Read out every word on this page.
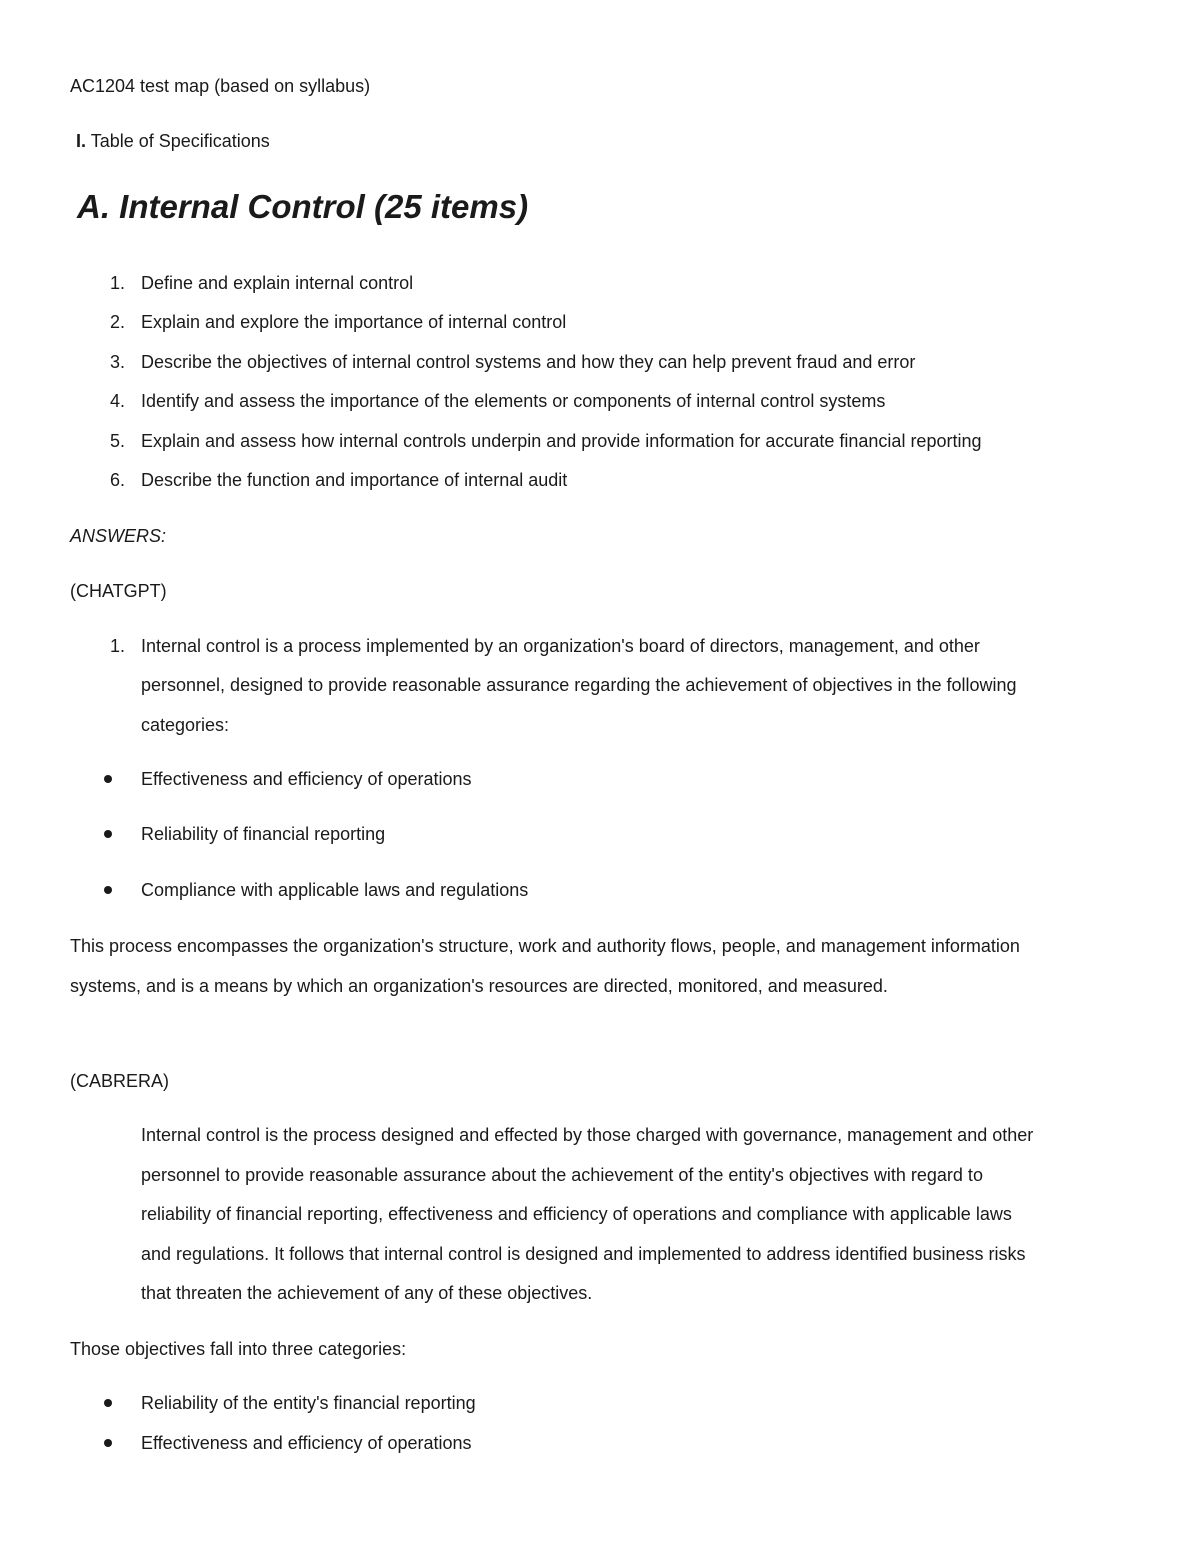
AC1204 test map (based on syllabus)
I. Table of Specifications
A. Internal Control (25 items)
1. Define and explain internal control
2. Explain and explore the importance of internal control
3. Describe the objectives of internal control systems and how they can help prevent fraud and error
4. Identify and assess the importance of the elements or components of internal control systems
5. Explain and assess how internal controls underpin and provide information for accurate financial reporting
6. Describe the function and importance of internal audit
ANSWERS:
(CHATGPT)
1. Internal control is a process implemented by an organization's board of directors, management, and other
personnel, designed to provide reasonable assurance regarding the achievement of objectives in the following
categories:
Effectiveness and efficiency of operations
Reliability of financial reporting
Compliance with applicable laws and regulations
This process encompasses the organization's structure, work and authority flows, people, and management information
systems, and is a means by which an organization's resources are directed, monitored, and measured.
(CABRERA)
Internal control is the process designed and effected by those charged with governance, management and other
personnel to provide reasonable assurance about the achievement of the entity's objectives with regard to
reliability of financial reporting, effectiveness and efficiency of operations and compliance with applicable laws
and regulations. It follows that internal control is designed and implemented to address identified business risks
that threaten the achievement of any of these objectives.
Those objectives fall into three categories:
Reliability of the entity's financial reporting
Effectiveness and efficiency of operations
